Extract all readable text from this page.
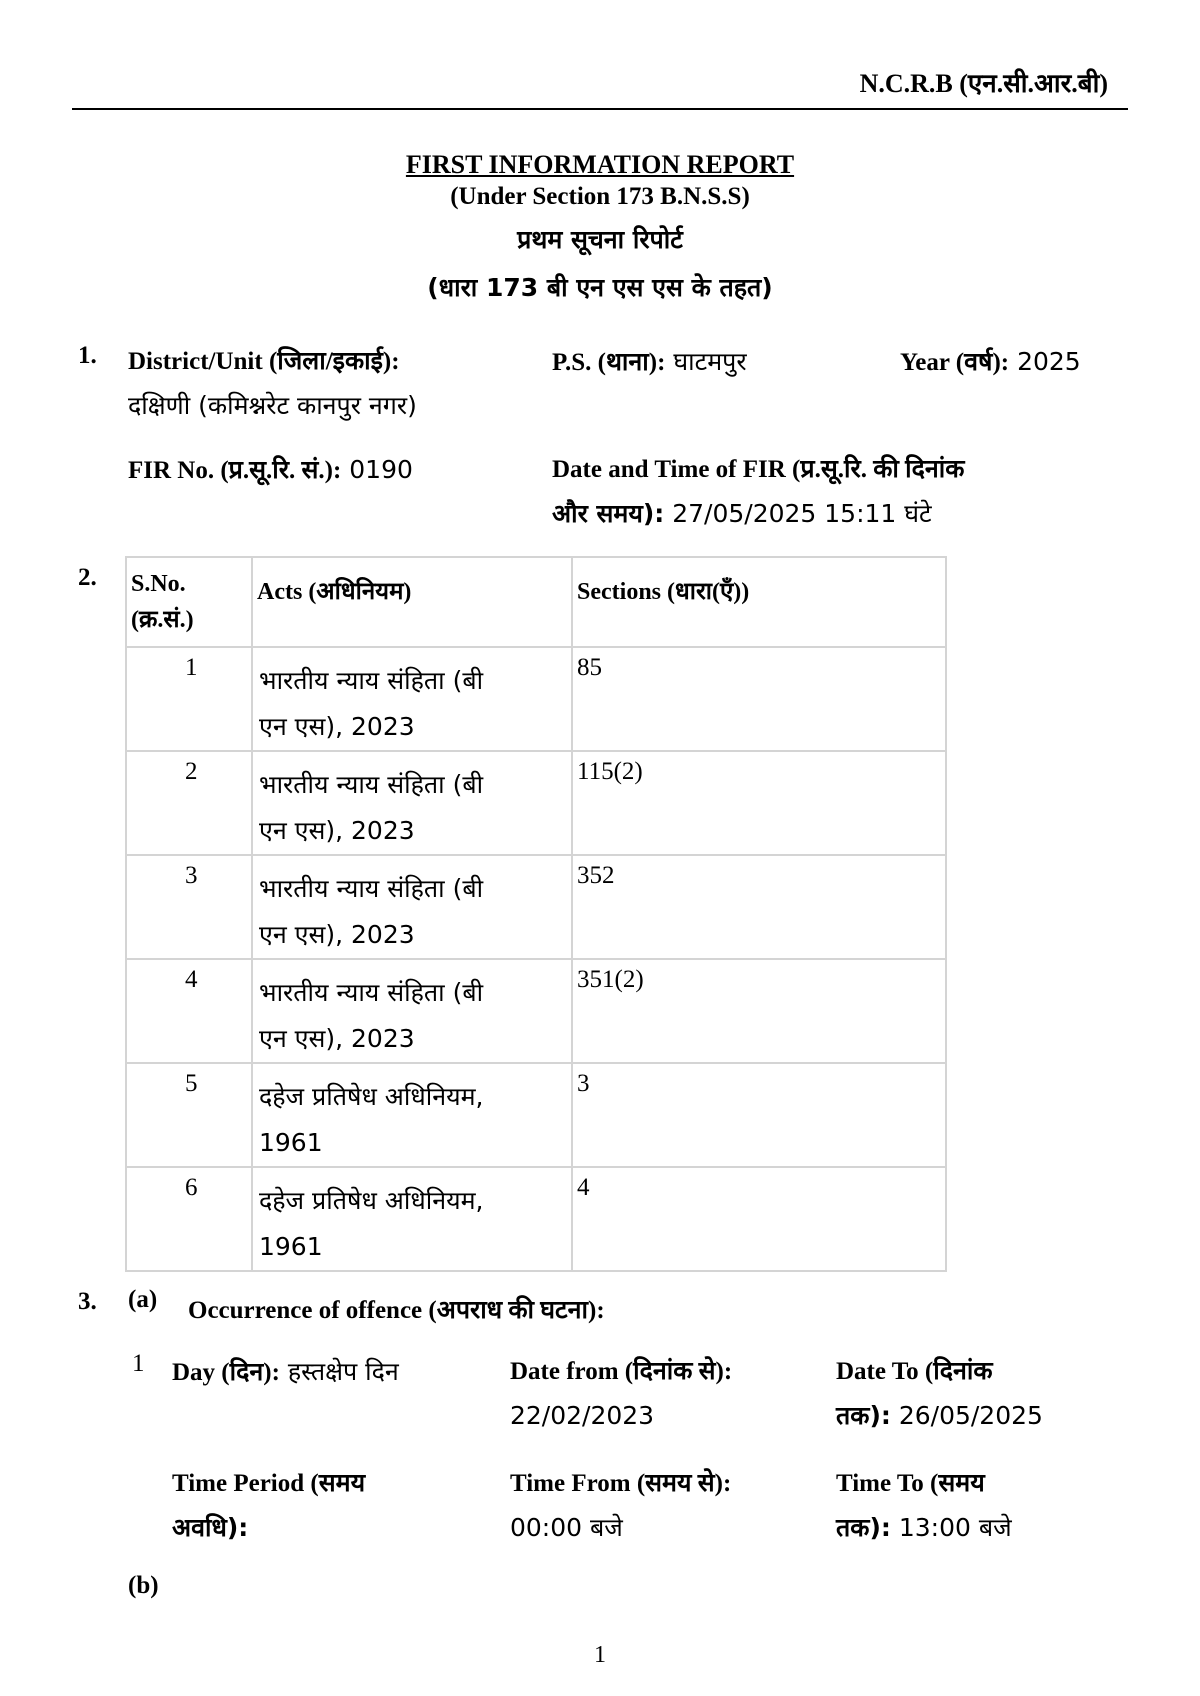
N.C.R.B (एन.सी.आर.बी)
FIRST INFORMATION REPORT
(Under Section 173 B.N.S.S)
प्रथम सूचना रिपोर्ट
(धारा 173 बी एन एस एस के तहत)
1. District/Unit (जिला/इकाई):
दक्षिणी (कमिश्नरेट कानपुर नगर)
P.S. (थाना): घाटमपुर	Year (वर्ष): 2025
FIR No. (प्र.सू.रि. सं.): 0190	Date and Time of FIR (प्र.सू.रि. की दिनांक
और समय): 27/05/2025 15:11 घंटे
2. S.No.
(क्र.सं.)	Acts (अधिनियम)	Sections (धारा(एँ))

1	भारतीय न्याय संहिता (बी
एन एस), 2023	85

2	भारतीय न्याय संहिता (बी
एन एस), 2023	115(2)

3	भारतीय न्याय संहिता (बी
एन एस), 2023	352

4	भारतीय न्याय संहिता (बी
एन एस), 2023	351(2)

5	दहेज प्रतिषेध अधिनियम,
1961	3

6	दहेज प्रतिषेध अधिनियम,
1961	4
3. (a) Occurrence of offence (अपराध की घटना):
1 Day (दिन): हस्तक्षेप दिन	Date from (दिनांक से):
22/02/2023
Date To (दिनांक
तक): 26/05/2025
Time Period (समय
अवधि):
Time From (समय से):
00:00 बजे
Time To (समय
तक): 13:00 बजे
(b)
1
